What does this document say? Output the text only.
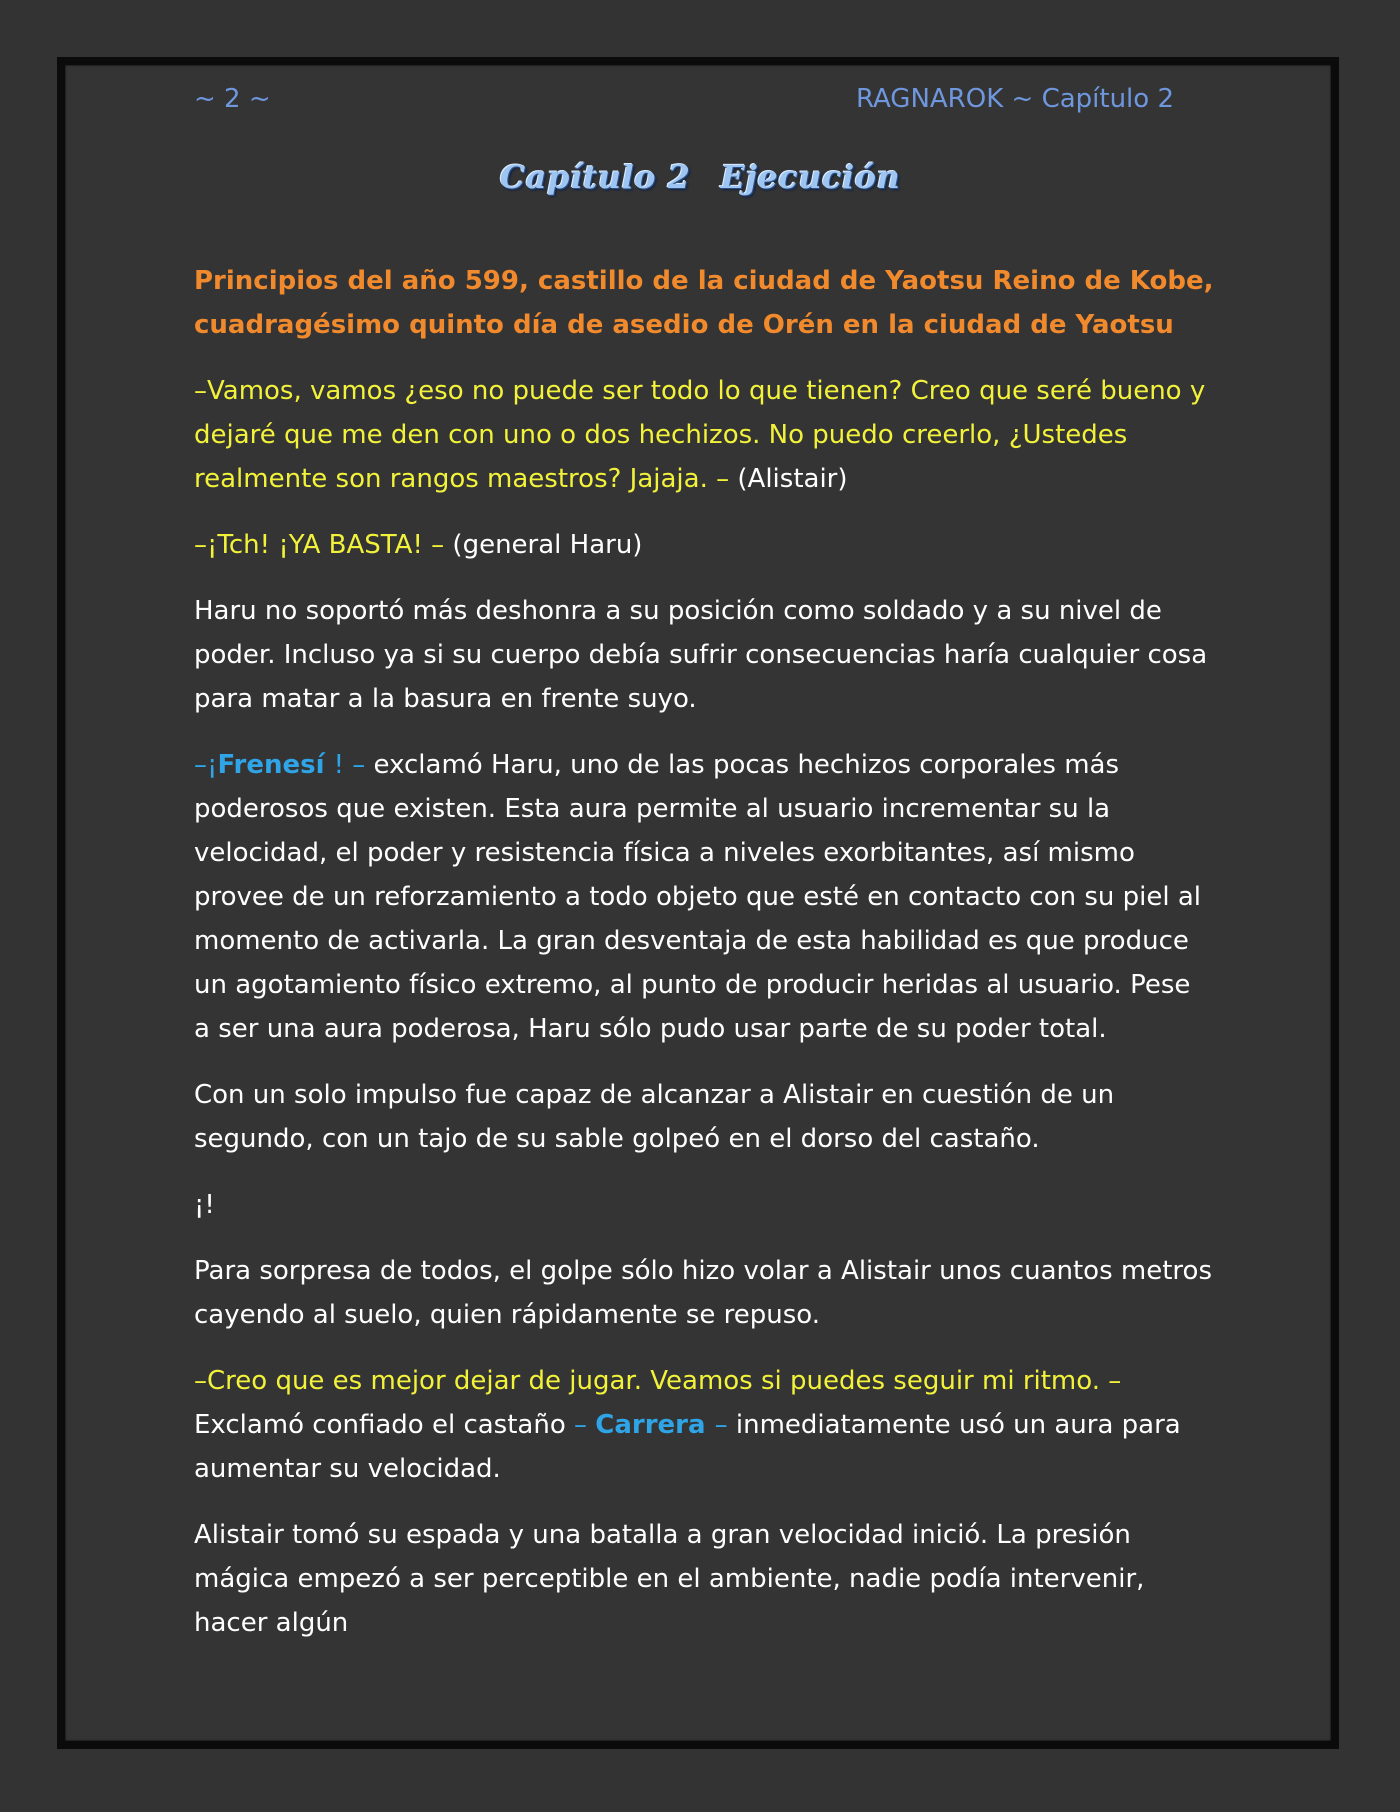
~ 2 ~	RAGNAROK ~ Capítulo 2
Capítulo 2 Ejecución

Principios del año 599, castillo de la ciudad de Yaotsu Reino de Kobe, cuadragésimo quinto día de asedio de Orén en la ciudad de Yaotsu

–Vamos, vamos ¿eso no puede ser todo lo que tienen? Creo que seré bueno y dejaré que me den con uno o dos hechizos. No puedo creerlo, ¿Ustedes realmente son rangos maestros? Jajaja. – (Alistair)

–¡Tch! ¡YA BASTA! – (general Haru)

Haru no soportó más deshonra a su posición como soldado y a su nivel de poder. Incluso ya si su cuerpo debía sufrir consecuencias haría cualquier cosa para matar a la basura en frente suyo.

–¡Frenesí ! – exclamó Haru, uno de las pocas hechizos corporales más poderosos que existen. Esta aura permite al usuario incrementar su la velocidad, el poder y resistencia física a niveles exorbitantes, así mismo provee de un reforzamiento a todo objeto que esté en contacto con su piel al momento de activarla. La gran desventaja de esta habilidad es que produce un agotamiento físico extremo, al punto de producir heridas al usuario. Pese a ser una aura poderosa, Haru sólo pudo usar parte de su poder total.

Con un solo impulso fue capaz de alcanzar a Alistair en cuestión de un segundo, con un tajo de su sable golpeó en el dorso del castaño.

¡!

Para sorpresa de todos, el golpe sólo hizo volar a Alistair unos cuantos metros cayendo al suelo, quien rápidamente se repuso.

–Creo que es mejor dejar de jugar. Veamos si puedes seguir mi ritmo. – Exclamó confiado el castaño – Carrera – inmediatamente usó un aura para aumentar su velocidad.

Alistair tomó su espada y una batalla a gran velocidad inició. La presión mágica empezó a ser perceptible en el ambiente, nadie podía intervenir, hacer algún
